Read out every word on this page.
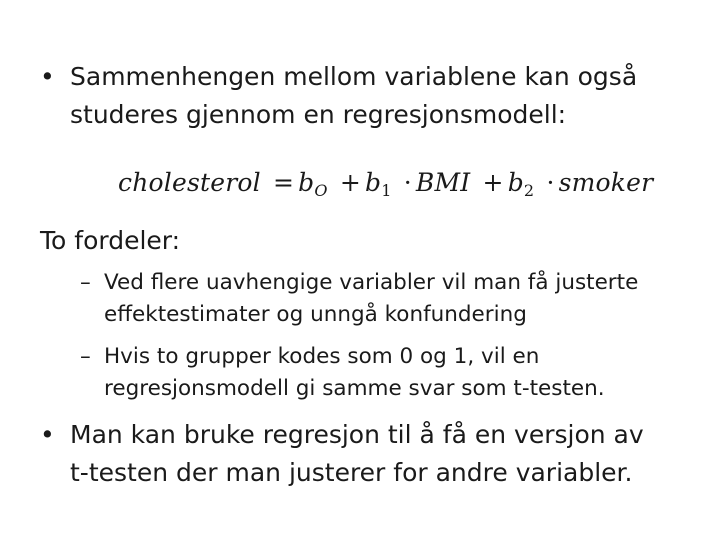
• Sammenhengen mellom variablene kan også
studeres gjennom en regresjonsmodell:
cholesterol = $b_O + b_1$ · BMI + $b_2$ · smoker
To fordeler:
– Ved flere uavhengige variabler vil man få justerte
effektestimater og unngå konfundering
– Hvis to grupper kodes som 0 og 1, vil en
regresjonsmodell gi samme svar som t-testen.
• Man kan bruke regresjon til å få en versjon av
t-testen der man justerer for andre variabler.
